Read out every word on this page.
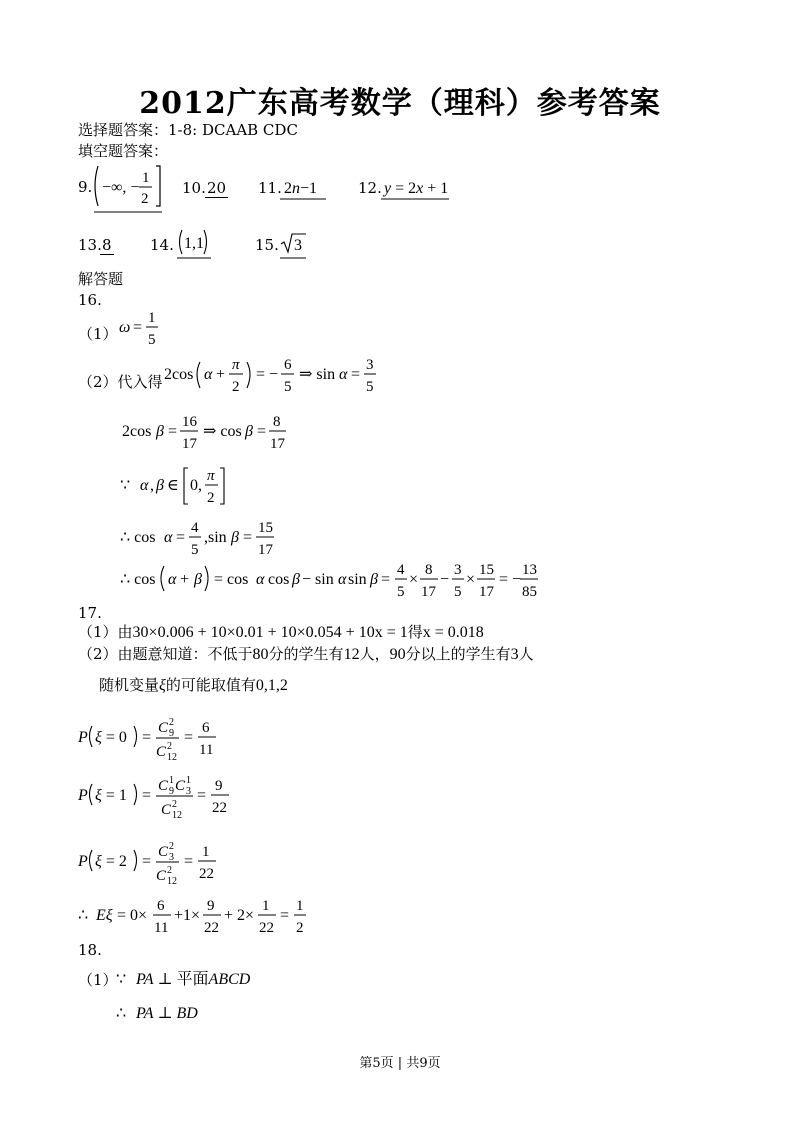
2012广东高考数学（理科）参考答案
选择题答案：1-8: DCAAB CDC
填空题答案：
9. −∞, −
1
2
10. 20 11. 2n−1	12. y = 2x + 1
13. 8	14. 1,1	15. 3
解答题
16.
（1） ω =
1
5
（2）代入得 2cos α +
π
2
= −
6
5
⇒ sin α =
3
5
2cos β =
16
17
⇒ cos β =
8
17
∵ α , β ∈ 0,
π
2
∴ cos α =
4
5
,sin β =
15
17
∴ cos α + β = cos α cos β − sin α sin β =
4
5
×
8
17
−
3
5
×
15
17
= −
13
85
17.
（1）由30×0.006 + 10×0.01 + 10×0.054 + 10x = 1得x = 0.018
（2）由题意知道：不低于80分的学生有12人，90分以上的学生有3人
随机变量ξ的可能取值有0,1,2
P ξ = 0 =
C 2
9
C 2
12
=
6
11
P ξ = 1 =
C 1
9 C 1
3
C 2
12
=
9
22
P ξ = 2 =
C 2
3
C 2
12
=
1
22
∴ Eξ = 0×
6
11
+1×
9
22
+ 2×
1
22
=
1
2
18.
（1）
∵ PA ⊥ 平面ABCD
∴ PA ⊥ BD
第5页 | 共9页
